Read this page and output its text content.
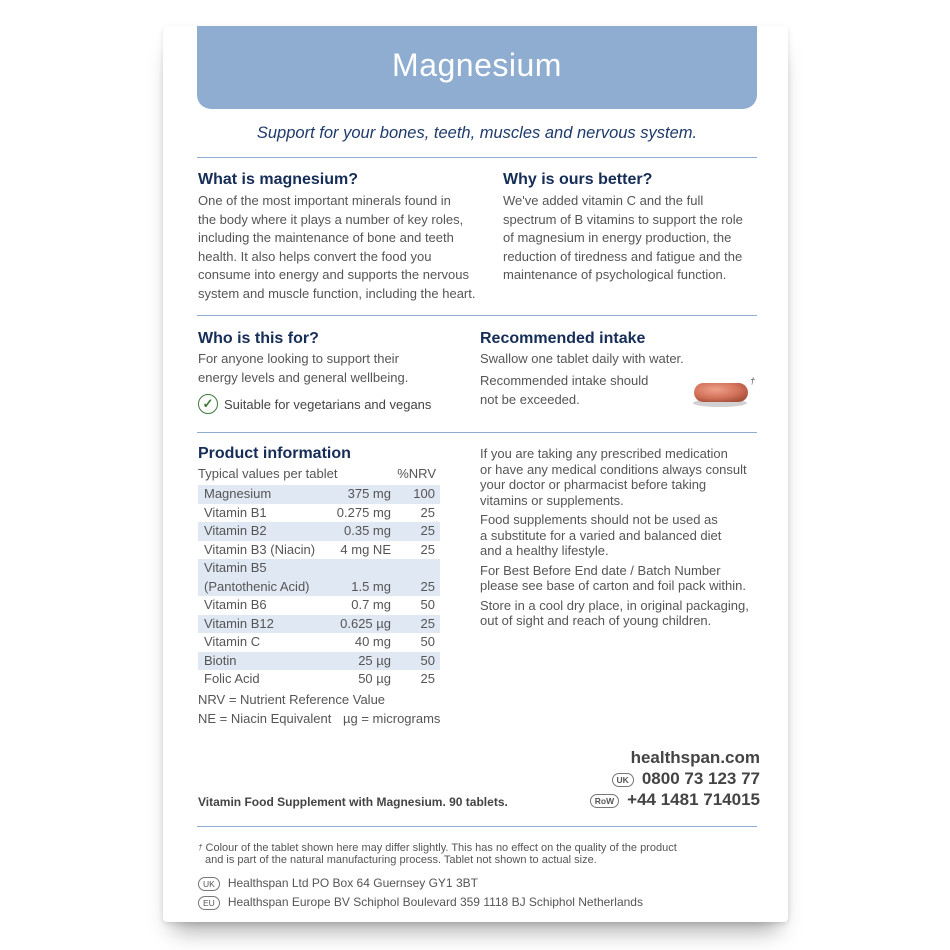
Magnesium
Support for your bones, teeth, muscles and nervous system.
What is magnesium?
One of the most important minerals found in
the body where it plays a number of key roles,
including the maintenance of bone and teeth
health. It also helps convert the food you
consume into energy and supports the nervous
system and muscle function, including the heart.
Why is ours better?
We've added vitamin C and the full
spectrum of B vitamins to support the role
of magnesium in energy production, the
reduction of tiredness and fatigue and the
maintenance of psychological function.
Who is this for?
For anyone looking to support their
energy levels and general wellbeing.
✓ Suitable for vegetarians and vegans
Recommended intake
Swallow one tablet daily with water.
Recommended intake should
not be exceeded.
†
Product information
Typical values per tablet	%NRV
Magnesium	375 mg	100
Vitamin B1	0.275 mg	25
Vitamin B2	0.35 mg	25
Vitamin B3 (Niacin)	4 mg NE	25
Vitamin B5		
(Pantothenic Acid)	1.5 mg	25
Vitamin B6	0.7 mg	50
Vitamin B12	0.625 µg	25
Vitamin C	40 mg	50
Biotin	25 µg	50
Folic Acid	50 µg	25
NRV = Nutrient Reference Value
NE = Niacin Equivalent µg = micrograms
If you are taking any prescribed medication
or have any medical conditions always consult
your doctor or pharmacist before taking
vitamins or supplements.
Food supplements should not be used as
a substitute for a varied and balanced diet
and a healthy lifestyle.
For Best Before End date / Batch Number
please see base of carton and foil pack within.
Store in a cool dry place, in original packaging,
out of sight and reach of young children.
healthspan.com
UK 0800 73 123 77
RoW +44 1481 714015
Vitamin Food Supplement with Magnesium. 90 tablets.
† Colour of the tablet shown here may differ slightly. This has no effect on the quality of the product
and is part of the natural manufacturing process. Tablet not shown to actual size.
UK Healthspan Ltd PO Box 64 Guernsey GY1 3BT
EU Healthspan Europe BV Schiphol Boulevard 359 1118 BJ Schiphol Netherlands
